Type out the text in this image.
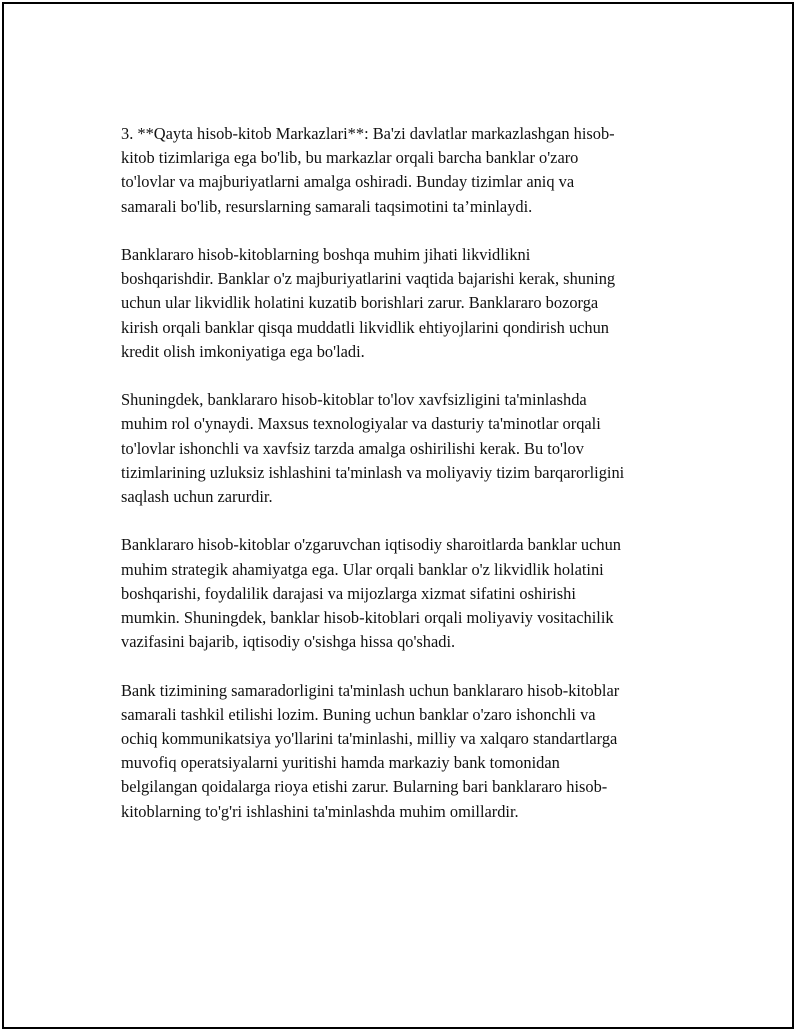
3. **Qayta hisob-kitob Markazlari**: Ba'zi davlatlar markazlashgan hisob-
kitob tizimlariga ega bo'lib, bu markazlar orqali barcha banklar o'zaro
to'lovlar va majburiyatlarni amalga oshiradi. Bunday tizimlar aniq va
samarali bo'lib, resurslarning samarali taqsimotini ta’minlaydi.

Banklararo hisob-kitoblarning boshqa muhim jihati likvidlikni
boshqarishdir. Banklar o'z majburiyatlarini vaqtida bajarishi kerak, shuning
uchun ular likvidlik holatini kuzatib borishlari zarur. Banklararo bozorga
kirish orqali banklar qisqa muddatli likvidlik ehtiyojlarini qondirish uchun
kredit olish imkoniyatiga ega bo'ladi.

Shuningdek, banklararo hisob-kitoblar to'lov xavfsizligini ta'minlashda
muhim rol o'ynaydi. Maxsus texnologiyalar va dasturiy ta'minotlar orqali
to'lovlar ishonchli va xavfsiz tarzda amalga oshirilishi kerak. Bu to'lov
tizimlarining uzluksiz ishlashini ta'minlash va moliyaviy tizim barqarorligini
saqlash uchun zarurdir.

Banklararo hisob-kitoblar o'zgaruvchan iqtisodiy sharoitlarda banklar uchun
muhim strategik ahamiyatga ega. Ular orqali banklar o'z likvidlik holatini
boshqarishi, foydalilik darajasi va mijozlarga xizmat sifatini oshirishi
mumkin. Shuningdek, banklar hisob-kitoblari orqali moliyaviy vositachilik
vazifasini bajarib, iqtisodiy o'sishga hissa qo'shadi.

Bank tizimining samaradorligini ta'minlash uchun banklararo hisob-kitoblar
samarali tashkil etilishi lozim. Buning uchun banklar o'zaro ishonchli va
ochiq kommunikatsiya yo'llarini ta'minlashi, milliy va xalqaro standartlarga
muvofiq operatsiyalarni yuritishi hamda markaziy bank tomonidan
belgilangan qoidalarga rioya etishi zarur. Bularning bari banklararo hisob-
kitoblarning to'g'ri ishlashini ta'minlashda muhim omillardir.
